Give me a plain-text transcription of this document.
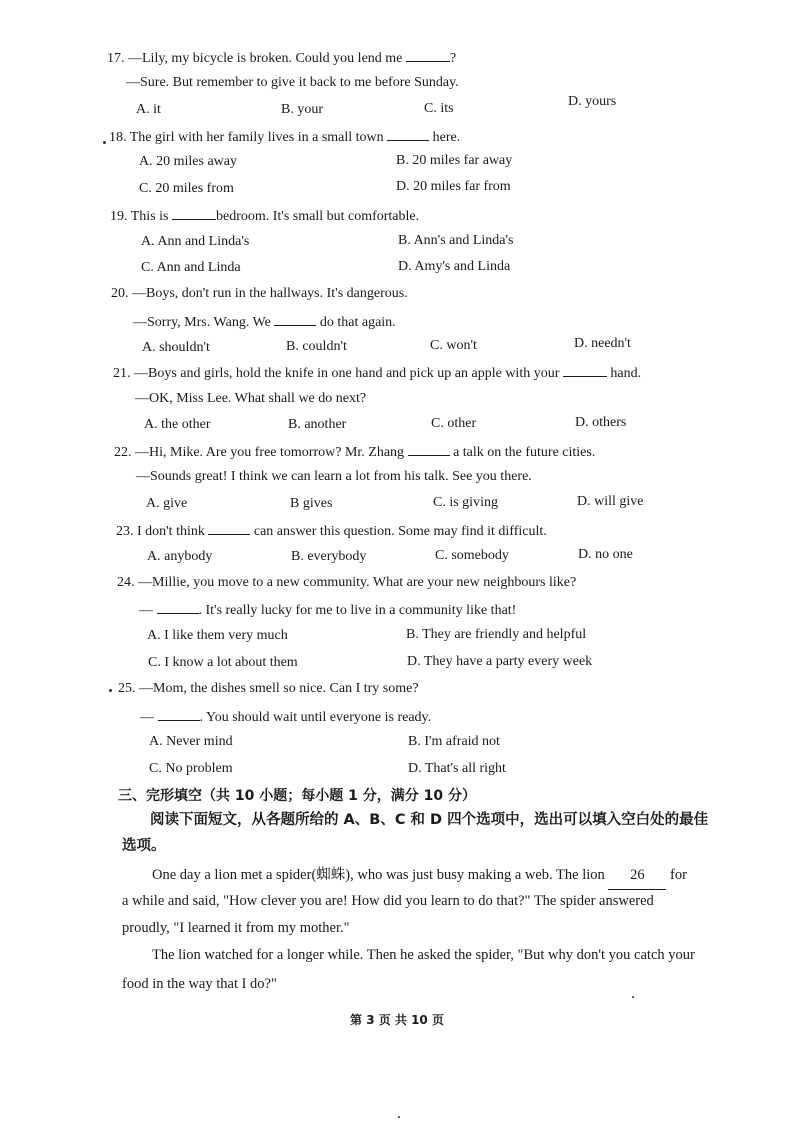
17. —Lily, my bicycle is broken. Could you lend me	?
—Sure. But remember to give it back to me before Sunday.
A. it	B. your	C. its	D. yours
18. The girl with her family lives in a small town	here.
A. 20 miles away	B. 20 miles far away
C. 20 miles from	D. 20 miles far from
19. This is	bedroom. It's small but comfortable.
A. Ann and Linda's	B. Ann's and Linda's
C. Ann and Linda	D. Amy's and Linda
20. —Boys, don't run in the hallways. It's dangerous.
—Sorry, Mrs. Wang. We	do that again.
A. shouldn't	B. couldn't	C. won't	D. needn't
21. —Boys and girls, hold the knife in one hand and pick up an apple with your	hand.
—OK, Miss Lee. What shall we do next?
A. the other	B. another	C. other	D. others
22. —Hi, Mike. Are you free tomorrow? Mr. Zhang	a talk on the future cities.
—Sounds great! I think we can learn a lot from his talk. See you there.
A. give	B gives	C. is giving	D. will give
23. I don't think	can answer this question. Some may find it difficult.
A. anybody	B. everybody	C. somebody	D. no one
24. —Millie, you move to a new community. What are your new neighbours like?
—	. It's really lucky for me to live in a community like that!
A. I like them very much	B. They are friendly and helpful
C. I know a lot about them	D. They have a party every week
25. —Mom, the dishes smell so nice. Can I try some?
—	. You should wait until everyone is ready.
A. Never mind	B. I'm afraid not
C. No problem	D. That's all right
三、完形填空（共 10 小题；每小题 1 分，满分 10 分）
阅读下面短文，从各题所给的 A、B、C 和 D 四个选项中，选出可以填入空白处的最佳
选项。
One day a lion met a spider(蜘蛛), who was just busy making a web. The lion 26 for
a while and said, "How clever you are! How did you learn to do that?" The spider answered
proudly, "I learned it from my mother."
The lion watched for a longer while. Then he asked the spider, "But why don't you catch your
food in the way that I do?"
第 3 页 共 10 页
